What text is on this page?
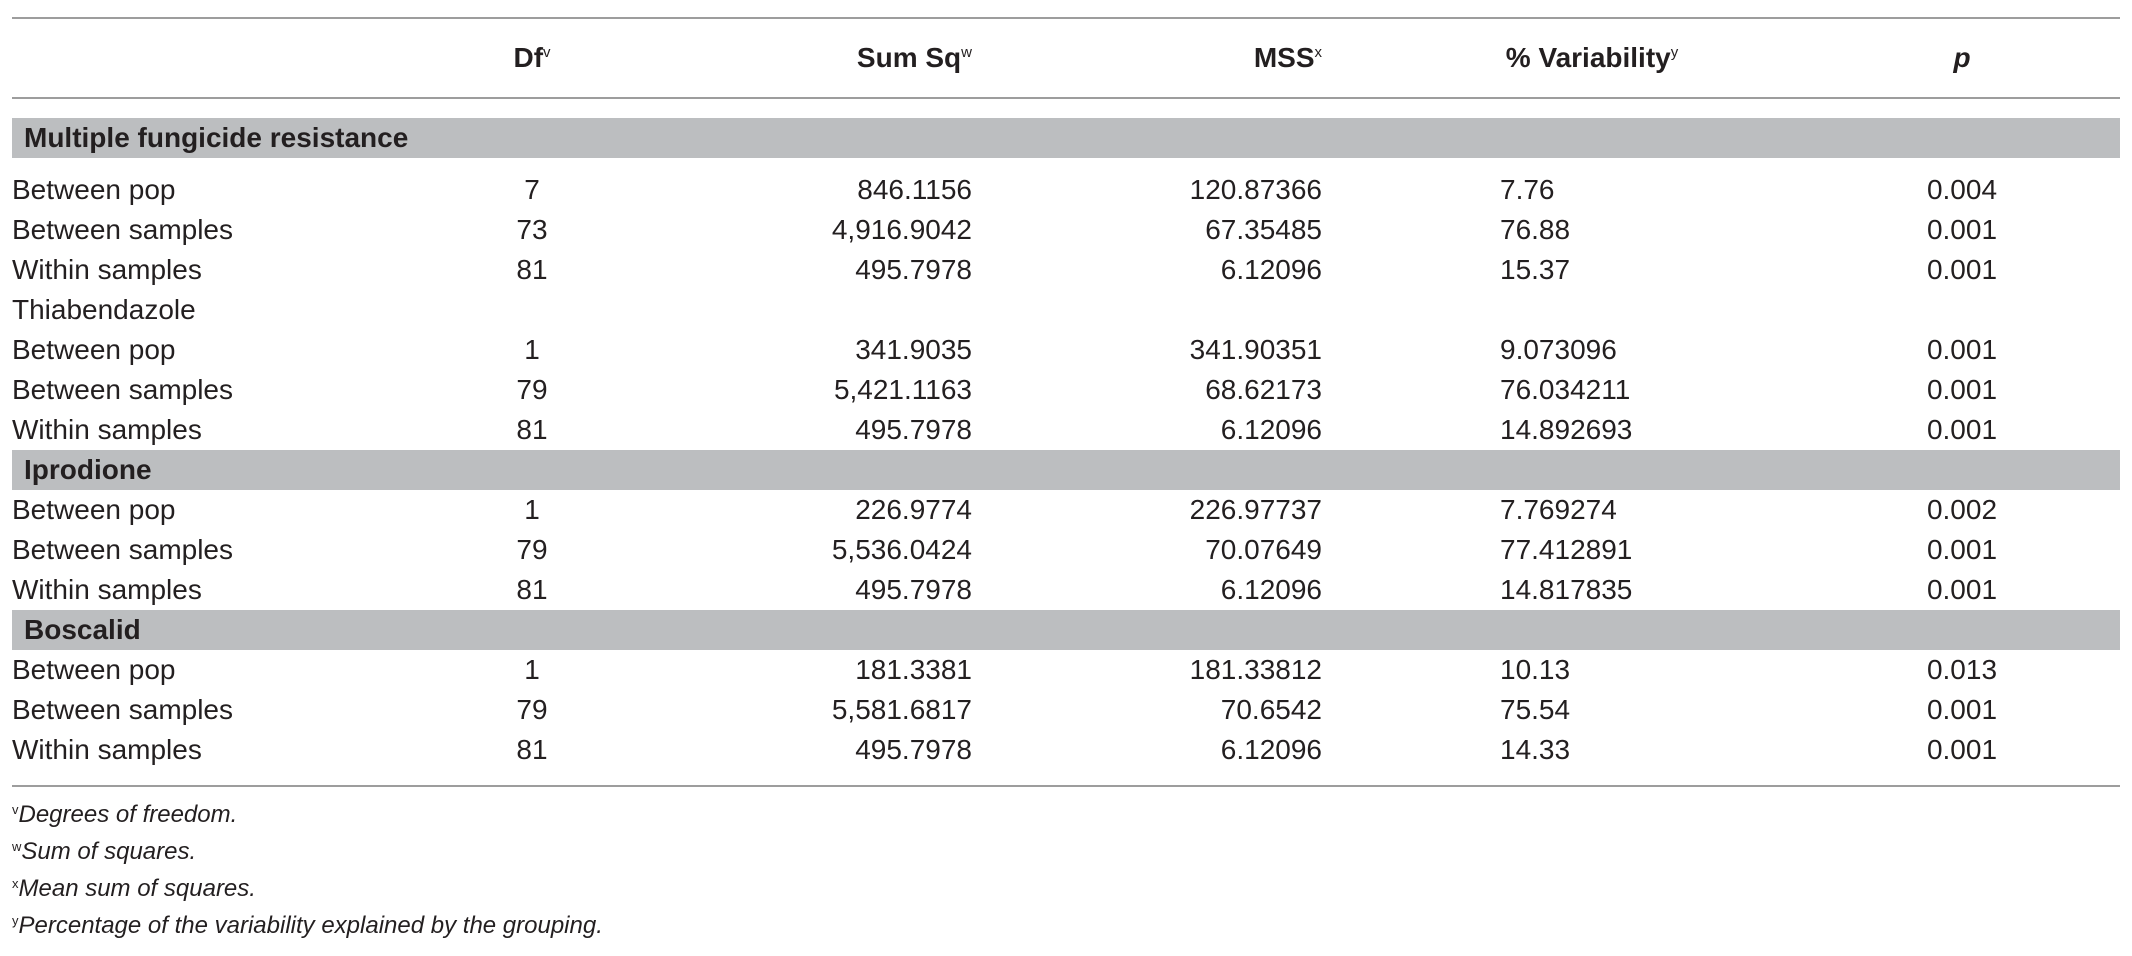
Df$^v$	Sum Sq$^w$	MSS$^x$	% Variability$^y$	p
Multiple fungicide resistance
Between pop	7	846.1156	120.87366	7.76	0.004
Between samples	73	4,916.9042	67.35485	76.88	0.001
Within samples	81	495.7978	6.12096	15.37	0.001
Thiabendazole
Between pop	1	341.9035	341.90351	9.073096	0.001
Between samples	79	5,421.1163	68.62173	76.034211	0.001
Within samples	81	495.7978	6.12096	14.892693	0.001
Iprodione
Between pop	1	226.9774	226.97737	7.769274	0.002
Between samples	79	5,536.0424	70.07649	77.412891	0.001
Within samples	81	495.7978	6.12096	14.817835	0.001
Boscalid
Between pop	1	181.3381	181.33812	10.13	0.013
Between samples	79	5,581.6817	70.6542	75.54	0.001
Within samples	81	495.7978	6.12096	14.33	0.001
$^v$Degrees of freedom.
$^w$Sum of squares.
$^x$Mean sum of squares.
$^y$Percentage of the variability explained by the grouping.
